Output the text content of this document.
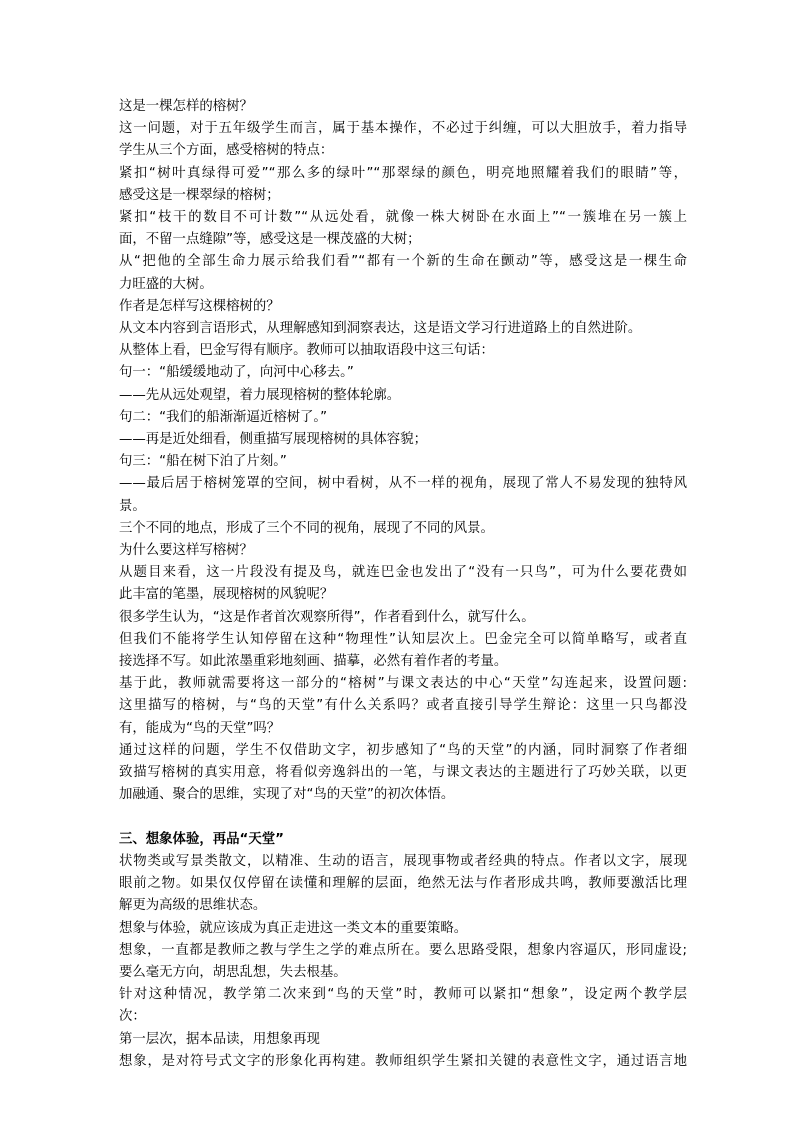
这是一棵怎样的榕树？
这一问题，对于五年级学生而言，属于基本操作，不必过于纠缠，可以大胆放手，着力指导
学生从三个方面，感受榕树的特点：
紧扣“树叶真绿得可爱”“那么多的绿叶”“那翠绿的颜色，明亮地照耀着我们的眼睛”等，
感受这是一棵翠绿的榕树；
紧扣“枝干的数目不可计数”“从远处看，就像一株大树卧在水面上”“一簇堆在另一簇上
面，不留一点缝隙”等，感受这是一棵茂盛的大树；
从“把他的全部生命力展示给我们看”“都有一个新的生命在颤动”等，感受这是一棵生命
力旺盛的大树。
作者是怎样写这棵榕树的？
从文本内容到言语形式，从理解感知到洞察表达，这是语文学习行进道路上的自然进阶。
从整体上看，巴金写得有顺序。教师可以抽取语段中这三句话：
句一：“船缓缓地动了，向河中心移去。”
——先从远处观望，着力展现榕树的整体轮廓。
句二：“我们的船渐渐逼近榕树了。”
——再是近处细看，侧重描写展现榕树的具体容貌；
句三：“船在树下泊了片刻。”
——最后居于榕树笼罩的空间，树中看树，从不一样的视角，展现了常人不易发现的独特风
景。
三个不同的地点，形成了三个不同的视角，展现了不同的风景。
为什么要这样写榕树？
从题目来看，这一片段没有提及鸟，就连巴金也发出了“没有一只鸟”，可为什么要花费如
此丰富的笔墨，展现榕树的风貌呢？
很多学生认为，“这是作者首次观察所得”，作者看到什么，就写什么。
但我们不能将学生认知停留在这种“物理性”认知层次上。巴金完全可以简单略写，或者直
接选择不写。如此浓墨重彩地刻画、描摹，必然有着作者的考量。
基于此，教师就需要将这一部分的“榕树”与课文表达的中心“天堂”勾连起来，设置问题:
这里描写的榕树，与“鸟的天堂”有什么关系吗？或者直接引导学生辩论：这里一只鸟都没
有，能成为“鸟的天堂”吗？
通过这样的问题，学生不仅借助文字，初步感知了“鸟的天堂”的内涵，同时洞察了作者细
致描写榕树的真实用意，将看似旁逸斜出的一笔，与课文表达的主题进行了巧妙关联，以更
加融通、聚合的思维，实现了对“鸟的天堂”的初次体悟。
三、想象体验，再品“天堂”
状物类或写景类散文，以精准、生动的语言，展现事物或者经典的特点。作者以文字，展现
眼前之物。如果仅仅停留在读懂和理解的层面，绝然无法与作者形成共鸣，教师要激活比理
解更为高级的思维状态。
想象与体验，就应该成为真正走进这一类文本的重要策略。
想象，一直都是教师之教与学生之学的难点所在。要么思路受限，想象内容逼仄，形同虚设;
要么毫无方向，胡思乱想，失去根基。
针对这种情况，教学第二次来到“鸟的天堂”时，教师可以紧扣“想象”，设定两个教学层
次：
第一层次，据本品读，用想象再现
想象，是对符号式文字的形象化再构建。教师组织学生紧扣关键的表意性文字，通过语言地
